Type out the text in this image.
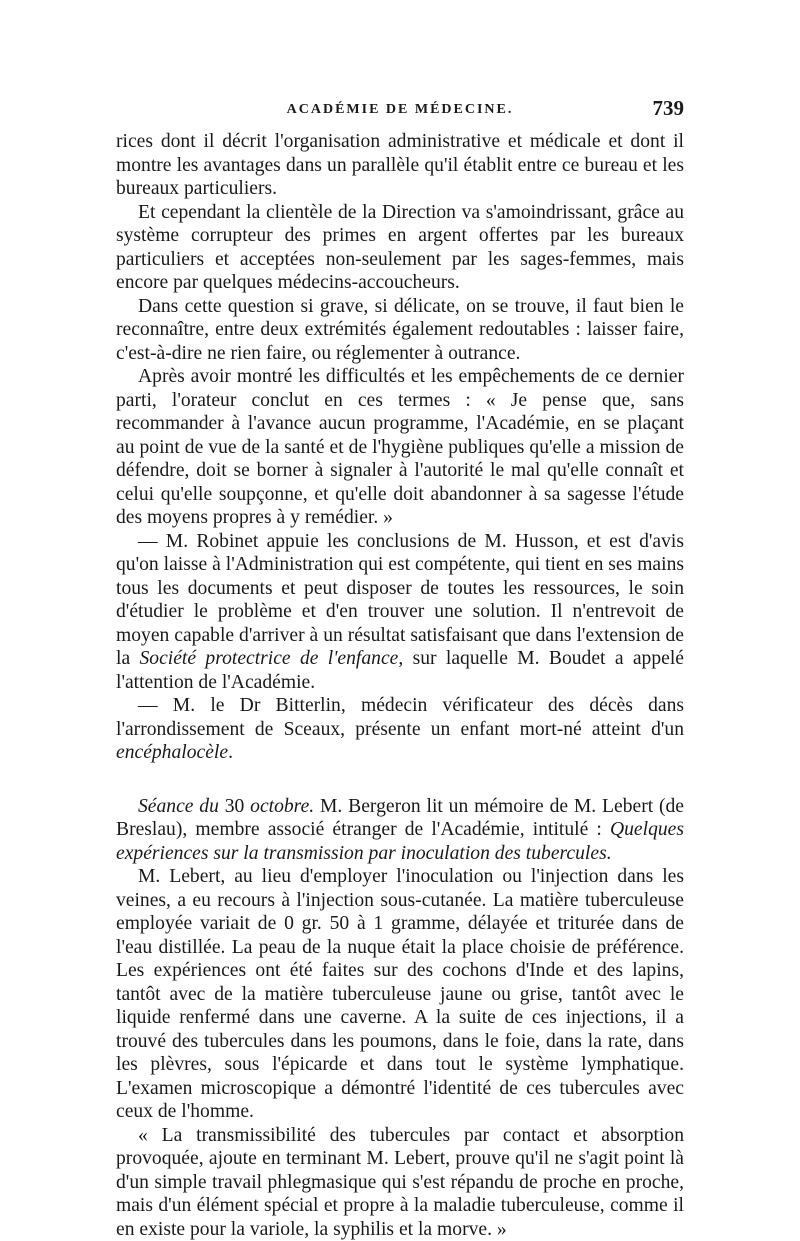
ACADÉMIE DE MÉDECINE.	739

rices dont il décrit l'organisation administrative et médicale et dont il montre les avantages dans un parallèle qu'il établit entre ce bureau et les bureaux particuliers.

Et cependant la clientèle de la Direction va s'amoindrissant, grâce au système corrupteur des primes en argent offertes par les bureaux particuliers et acceptées non-seulement par les sages-femmes, mais encore par quelques médecins-accoucheurs.

Dans cette question si grave, si délicate, on se trouve, il faut bien le reconnaître, entre deux extrémités également redoutables : laisser faire, c'est-à-dire ne rien faire, ou réglementer à outrance.

Après avoir montré les difficultés et les empêchements de ce dernier parti, l'orateur conclut en ces termes : « Je pense que, sans recommander à l'avance aucun programme, l'Académie, en se plaçant au point de vue de la santé et de l'hygiène publiques qu'elle a mission de défendre, doit se borner à signaler à l'autorité le mal qu'elle connaît et celui qu'elle soupçonne, et qu'elle doit abandonner à sa sagesse l'étude des moyens propres à y remédier. »

— M. Robinet appuie les conclusions de M. Husson, et est d'avis qu'on laisse à l'Administration qui est compétente, qui tient en ses mains tous les documents et peut disposer de toutes les ressources, le soin d'étudier le problème et d'en trouver une solution. Il n'entrevoit de moyen capable d'arriver à un résultat satisfaisant que dans l'extension de la Société protectrice de l'enfance, sur laquelle M. Boudet a appelé l'attention de l'Académie.

— M. le Dr Bitterlin, médecin vérificateur des décès dans l'arrondissement de Sceaux, présente un enfant mort-né atteint d'un encéphalocèle.

Séance du 30 octobre. M. Bergeron lit un mémoire de M. Lebert (de Breslau), membre associé étranger de l'Académie, intitulé : Quelques expériences sur la transmission par inoculation des tubercules.

M. Lebert, au lieu d'employer l'inoculation ou l'injection dans les veines, a eu recours à l'injection sous-cutanée. La matière tuberculeuse employée variait de 0 gr. 50 à 1 gramme, délayée et triturée dans de l'eau distillée. La peau de la nuque était la place choisie de préférence. Les expériences ont été faites sur des cochons d'Inde et des lapins, tantôt avec de la matière tuberculeuse jaune ou grise, tantôt avec le liquide renfermé dans une caverne. A la suite de ces injections, il a trouvé des tubercules dans les poumons, dans le foie, dans la rate, dans les plèvres, sous l'épicarde et dans tout le système lymphatique. L'examen microscopique a démontré l'identité de ces tubercules avec ceux de l'homme.

« La transmissibilité des tubercules par contact et absorption provoquée, ajoute en terminant M. Lebert, prouve qu'il ne s'agit point là d'un simple travail phlegmasique qui s'est répandu de proche en proche, mais d'un élément spécial et propre à la maladie tuberculeuse, comme il en existe pour la variole, la syphilis et la morve. »
